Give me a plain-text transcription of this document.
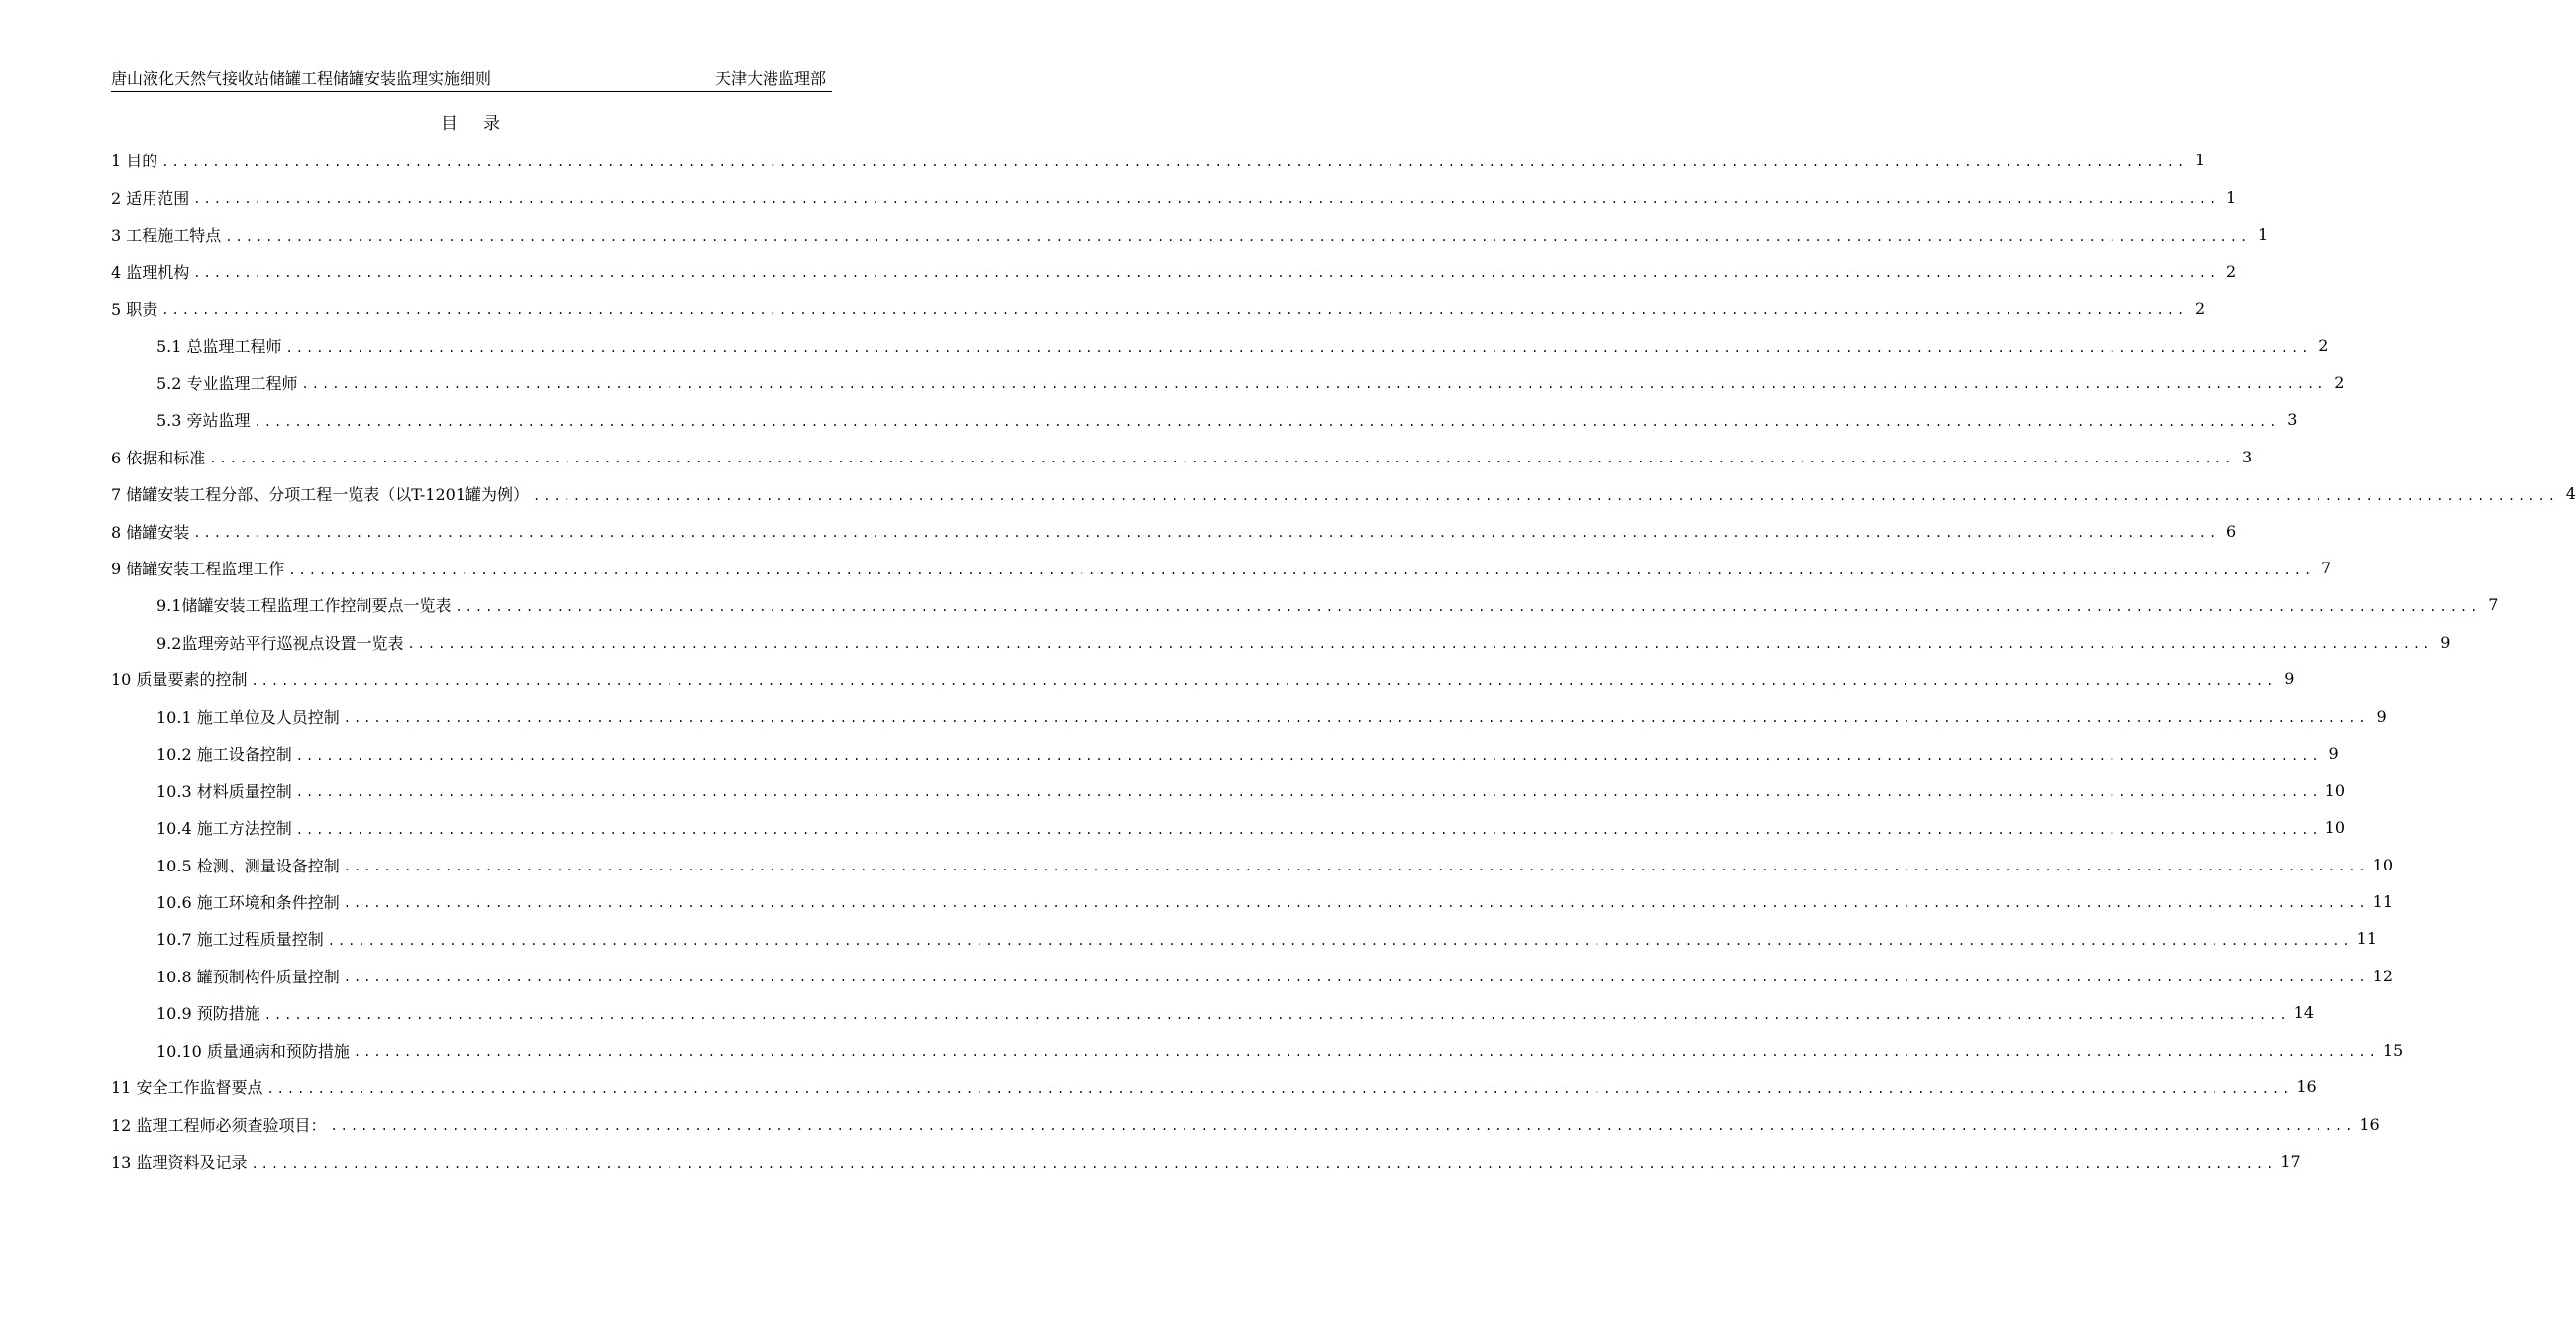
唐山液化天然气接收站储罐工程储罐安装监理实施细则	天津大港监理部
目录
1 目的 ........................................................................................................................................................................................................ 1
2 适用范围 ........................................................................................................................................................................................................ 1
3 工程施工特点 ........................................................................................................................................................................................................ 1
4 监理机构 ........................................................................................................................................................................................................ 2
5 职责 ........................................................................................................................................................................................................ 2
5.1 总监理工程师 ........................................................................................................................................................................................................ 2
5.2 专业监理工程师 ........................................................................................................................................................................................................ 2
5.3 旁站监理 ........................................................................................................................................................................................................ 3
6 依据和标准 ........................................................................................................................................................................................................ 3
7 储罐安装工程分部、分项工程一览表（以T-1201罐为例） ........................................................................................................................................................................................................ 4
8 储罐安装 ........................................................................................................................................................................................................ 6
9 储罐安装工程监理工作 ........................................................................................................................................................................................................ 7
9.1储罐安装工程监理工作控制要点一览表 ........................................................................................................................................................................................................ 7
9.2监理旁站平行巡视点设置一览表 ........................................................................................................................................................................................................ 9
10 质量要素的控制 ........................................................................................................................................................................................................ 9
10.1 施工单位及人员控制 ........................................................................................................................................................................................................ 9
10.2 施工设备控制 ........................................................................................................................................................................................................ 9
10.3 材料质量控制 ........................................................................................................................................................................................................ 10
10.4 施工方法控制 ........................................................................................................................................................................................................ 10
10.5 检测、测量设备控制 ........................................................................................................................................................................................................ 10
10.6 施工环境和条件控制 ........................................................................................................................................................................................................ 11
10.7 施工过程质量控制 ........................................................................................................................................................................................................ 11
10.8 罐预制构件质量控制 ........................................................................................................................................................................................................ 12
10.9 预防措施 ........................................................................................................................................................................................................ 14
10.10 质量通病和预防措施 ........................................................................................................................................................................................................ 15
11 安全工作监督要点 ........................................................................................................................................................................................................ 16
12 监理工程师必须查验项目： ........................................................................................................................................................................................................ 16
13 监理资料及记录 ........................................................................................................................................................................................................ 17
